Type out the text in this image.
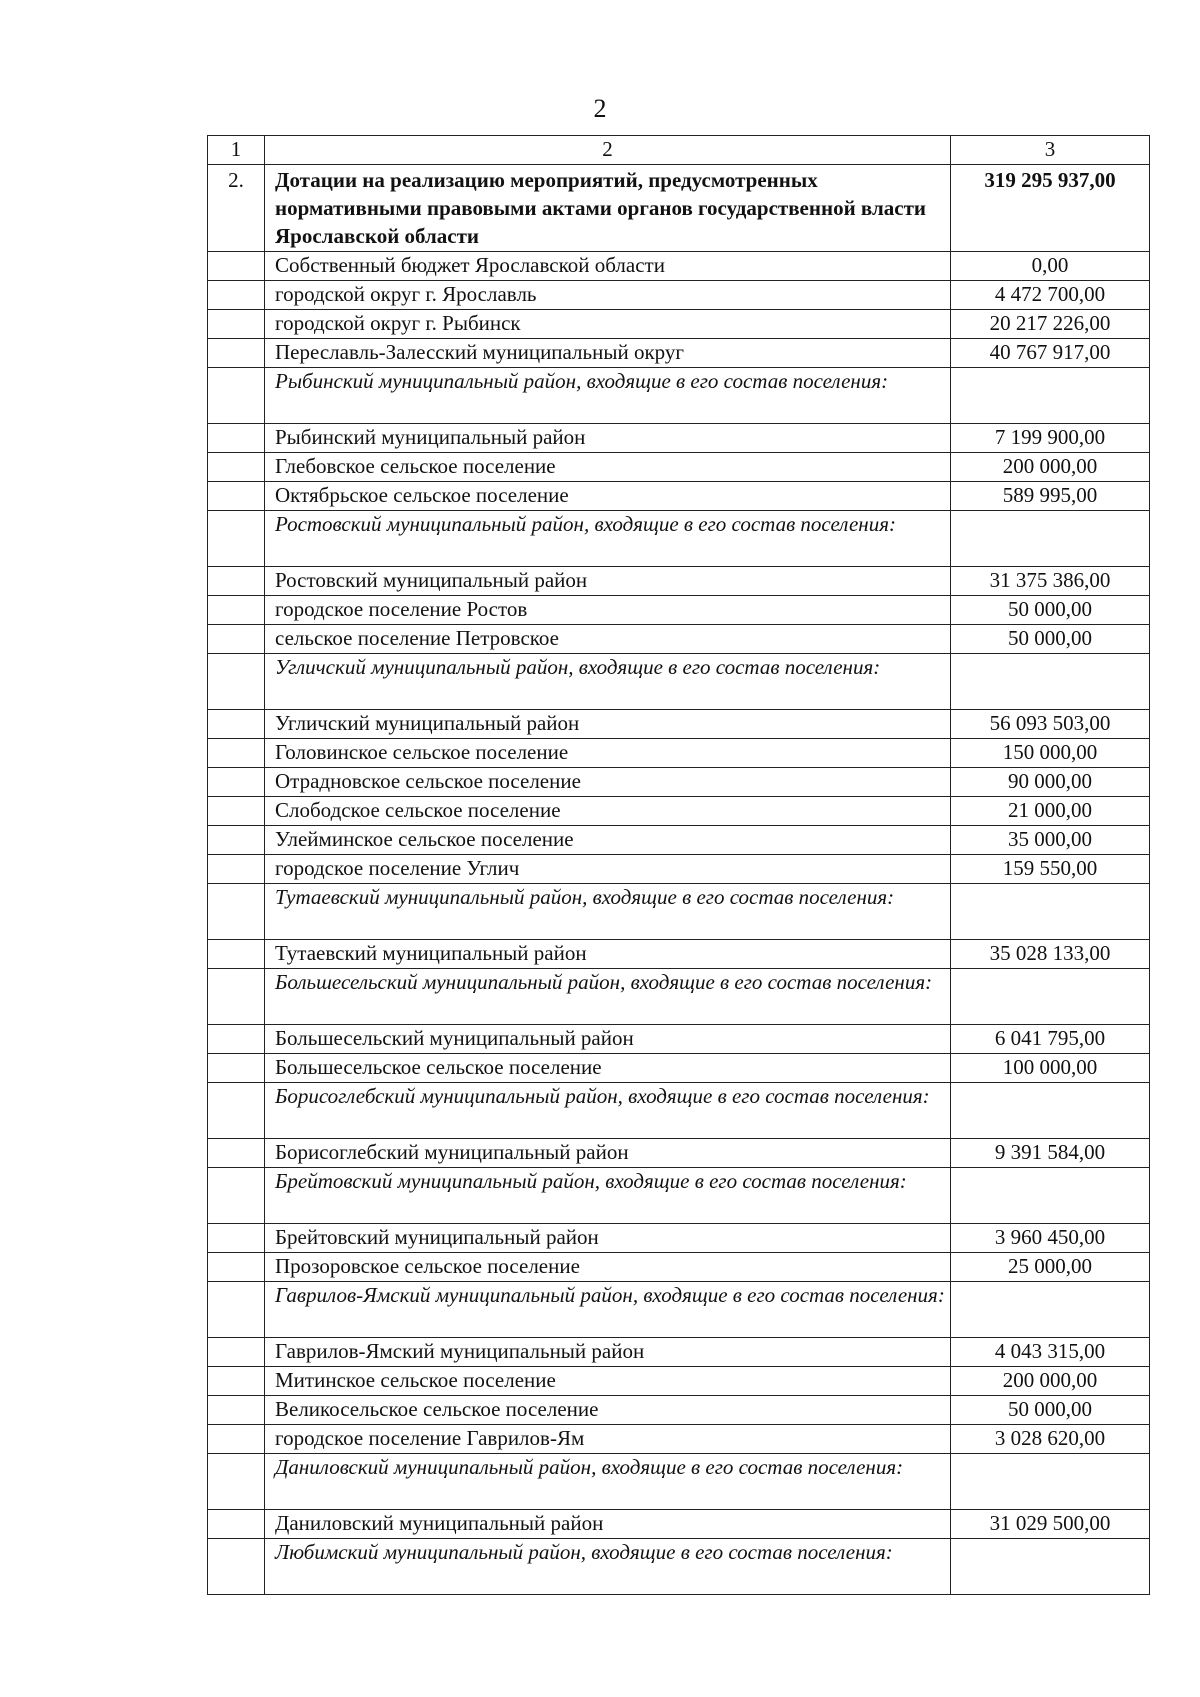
2
1	2	3
2.	Дотации на реализацию мероприятий, предусмотренных нормативными правовыми актами органов государственной власти Ярославской области	319 295 937,00
	Собственный бюджет Ярославской области	0,00
	городской округ г. Ярославль	4 472 700,00
	городской округ г. Рыбинск	20 217 226,00
	Переславль-Залесский муниципальный округ	40 767 917,00
	Рыбинский муниципальный район, входящие в его состав поселения:	
	Рыбинский муниципальный район	7 199 900,00
	Глебовское сельское поселение	200 000,00
	Октябрьское сельское поселение	589 995,00
	Ростовский муниципальный район, входящие в его состав поселения:	
	Ростовский муниципальный район	31 375 386,00
	городское поселение Ростов	50 000,00
	сельское поселение Петровское	50 000,00
	Угличский муниципальный район, входящие в его состав поселения:	
	Угличский муниципальный район	56 093 503,00
	Головинское сельское поселение	150 000,00
	Отрадновское сельское поселение	90 000,00
	Слободское сельское поселение	21 000,00
	Улейминское сельское поселение	35 000,00
	городское поселение Углич	159 550,00
	Тутаевский муниципальный район, входящие в его состав поселения:	
	Тутаевский муниципальный район	35 028 133,00
	Большесельский муниципальный район, входящие в его состав поселения:	
	Большесельский муниципальный район	6 041 795,00
	Большесельское сельское поселение	100 000,00
	Борисоглебский муниципальный район, входящие в его состав поселения:	
	Борисоглебский муниципальный район	9 391 584,00
	Брейтовский муниципальный район, входящие в его состав поселения:	
	Брейтовский муниципальный район	3 960 450,00
	Прозоровское сельское поселение	25 000,00
	Гаврилов-Ямский муниципальный район, входящие в его состав поселения:	
	Гаврилов-Ямский муниципальный район	4 043 315,00
	Митинское сельское поселение	200 000,00
	Великосельское сельское поселение	50 000,00
	городское поселение Гаврилов-Ям	3 028 620,00
	Даниловский муниципальный район, входящие в его состав поселения:	
	Даниловский муниципальный район	31 029 500,00
	Любимский муниципальный район, входящие в его состав поселения:	
